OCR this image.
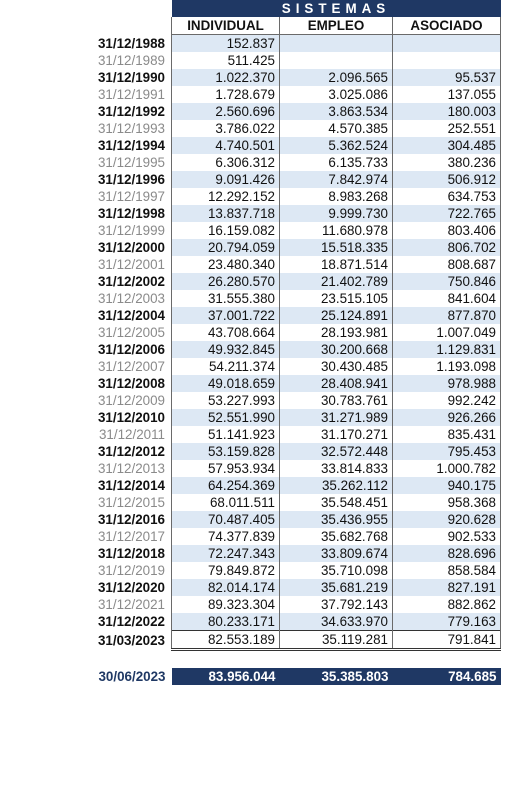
	SISTEMAS		
	INDIVIDUAL	EMPLEO	ASOCIADO
31/12/1988	152.837		
31/12/1989	511.425		
31/12/1990	1.022.370	2.096.565	95.537
31/12/1991	1.728.679	3.025.086	137.055
31/12/1992	2.560.696	3.863.534	180.003
31/12/1993	3.786.022	4.570.385	252.551
31/12/1994	4.740.501	5.362.524	304.485
31/12/1995	6.306.312	6.135.733	380.236
31/12/1996	9.091.426	7.842.974	506.912
31/12/1997	12.292.152	8.983.268	634.753
31/12/1998	13.837.718	9.999.730	722.765
31/12/1999	16.159.082	11.680.978	803.406
31/12/2000	20.794.059	15.518.335	806.702
31/12/2001	23.480.340	18.871.514	808.687
31/12/2002	26.280.570	21.402.789	750.846
31/12/2003	31.555.380	23.515.105	841.604
31/12/2004	37.001.722	25.124.891	877.870
31/12/2005	43.708.664	28.193.981	1.007.049
31/12/2006	49.932.845	30.200.668	1.129.831
31/12/2007	54.211.374	30.430.485	1.193.098
31/12/2008	49.018.659	28.408.941	978.988
31/12/2009	53.227.993	30.783.761	992.242
31/12/2010	52.551.990	31.271.989	926.266
31/12/2011	51.141.923	31.170.271	835.431
31/12/2012	53.159.828	32.572.448	795.453
31/12/2013	57.953.934	33.814.833	1.000.782
31/12/2014	64.254.369	35.262.112	940.175
31/12/2015	68.011.511	35.548.451	958.368
31/12/2016	70.487.405	35.436.955	920.628
31/12/2017	74.377.839	35.682.768	902.533
31/12/2018	72.247.343	33.809.674	828.696
31/12/2019	79.849.872	35.710.098	858.584
31/12/2020	82.014.174	35.681.219	827.191
31/12/2021	89.323.304	37.792.143	882.862
31/12/2022	80.233.171	34.633.970	779.163
31/03/2023	82.553.189	35.119.281	791.841

30/06/2023	83.956.044	35.385.803	784.685
